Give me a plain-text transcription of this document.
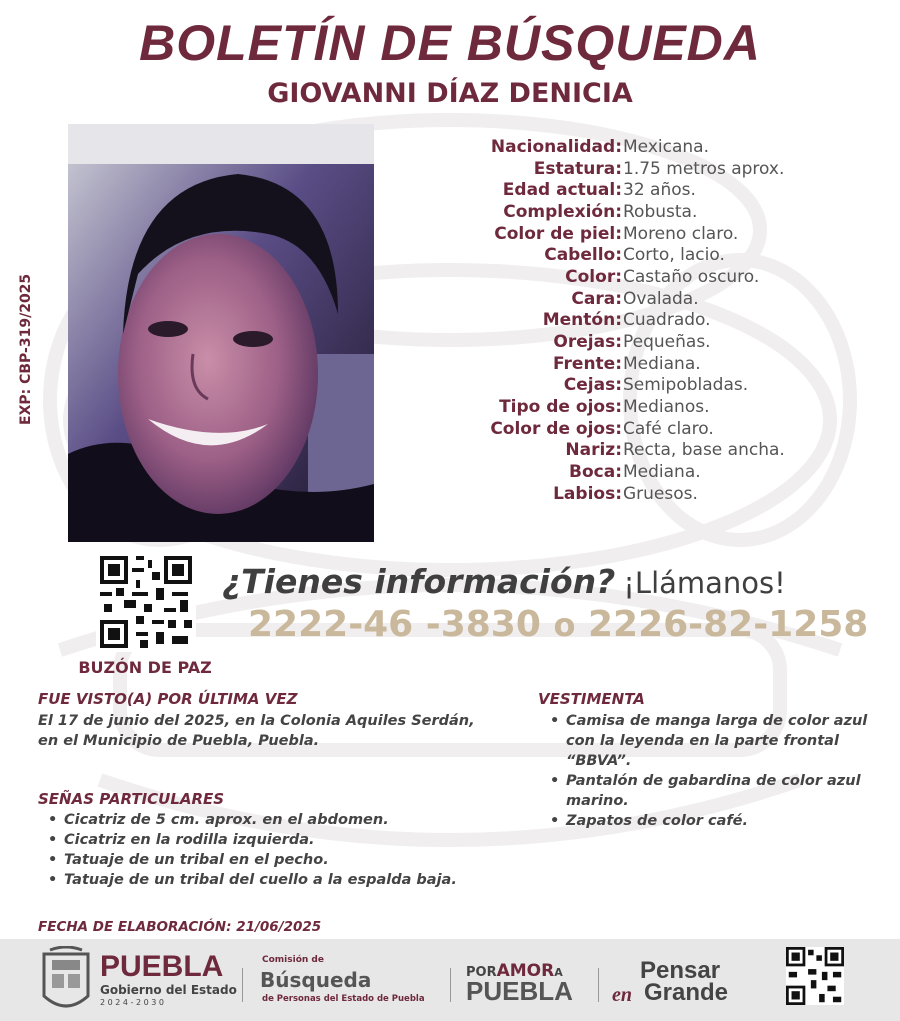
BOLETÍN DE BÚSQUEDA
GIOVANNI DÍAZ DENICIA
EXP: CBP-319/2025
Nacionalidad: Mexicana.
Estatura: 1.75 metros aprox.
Edad actual: 32 años.
Complexión: Robusta.
Color de piel: Moreno claro.
Cabello: Corto, lacio.
Color: Castaño oscuro.
Cara: Ovalada.
Mentón: Cuadrado.
Orejas: Pequeñas.
Frente: Mediana.
Cejas: Semipobladas.
Tipo de ojos: Medianos.
Color de ojos: Café claro.
Nariz: Recta, base ancha.
Boca: Mediana.
Labios: Gruesos.
BUZÓN DE PAZ
¿Tienes información? ¡Llámanos!
2222-46 -3830 o 2226-82-1258
FUE VISTO(A) POR ÚLTIMA VEZ
El 17 de junio del 2025, en la Colonia Aquiles Serdán,
en el Municipio de Puebla, Puebla.
VESTIMENTA
• Camisa de manga larga de color azul con la leyenda en la parte frontal “BBVA”.
• Pantalón de gabardina de color azul marino.
• Zapatos de color café.
SEÑAS PARTICULARES
• Cicatriz de 5 cm. aprox. en el abdomen.
• Cicatriz en la rodilla izquierda.
• Tatuaje de un tribal en el pecho.
• Tatuaje de un tribal del cuello a la espalda baja.
FECHA DE ELABORACIÓN: 21/06/2025
PUEBLA
Gobierno del Estado
2 0 2 4 - 2 0 3 0
Comisión de
Búsqueda
de Personas del Estado de Puebla
PORAMORA
PUEBLA
Pensar
en Grande
